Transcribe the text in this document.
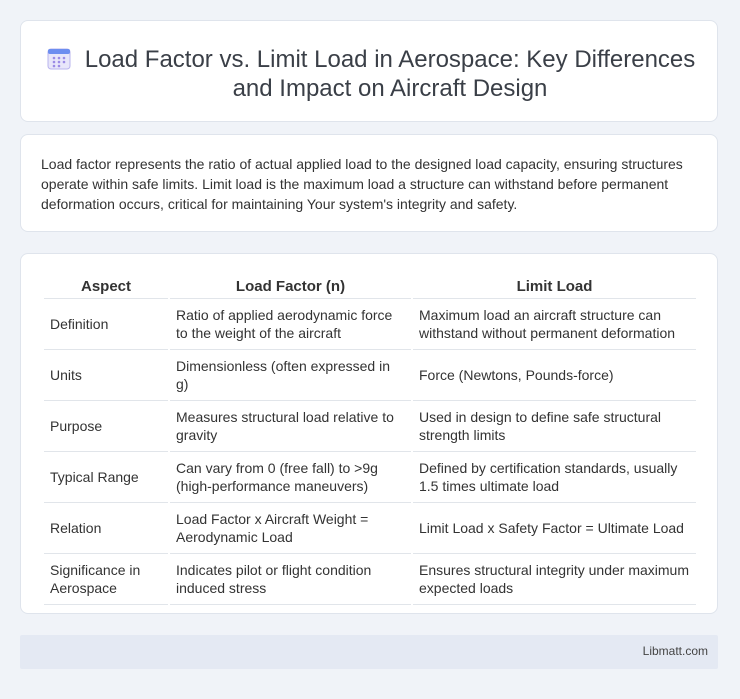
Load Factor vs. Limit Load in Aerospace: Key Differences and Impact on Aircraft Design
Load factor represents the ratio of actual applied load to the designed load capacity, ensuring structures operate within safe limits. Limit load is the maximum load a structure can withstand before permanent deformation occurs, critical for maintaining Your system's integrity and safety.
Aspect	Load Factor (n)	Limit Load
Definition	Ratio of applied aerodynamic force to the weight of the aircraft	Maximum load an aircraft structure can withstand without permanent deformation
Units	Dimensionless (often expressed in g)	Force (Newtons, Pounds-force)
Purpose	Measures structural load relative to gravity	Used in design to define safe structural strength limits
Typical Range	Can vary from 0 (free fall) to >9g (high-performance maneuvers)	Defined by certification standards, usually 1.5 times ultimate load
Relation	Load Factor x Aircraft Weight = Aerodynamic Load	Limit Load x Safety Factor = Ultimate Load
Significance in Aerospace	Indicates pilot or flight condition induced stress	Ensures structural integrity under maximum expected loads
Libmatt.com
